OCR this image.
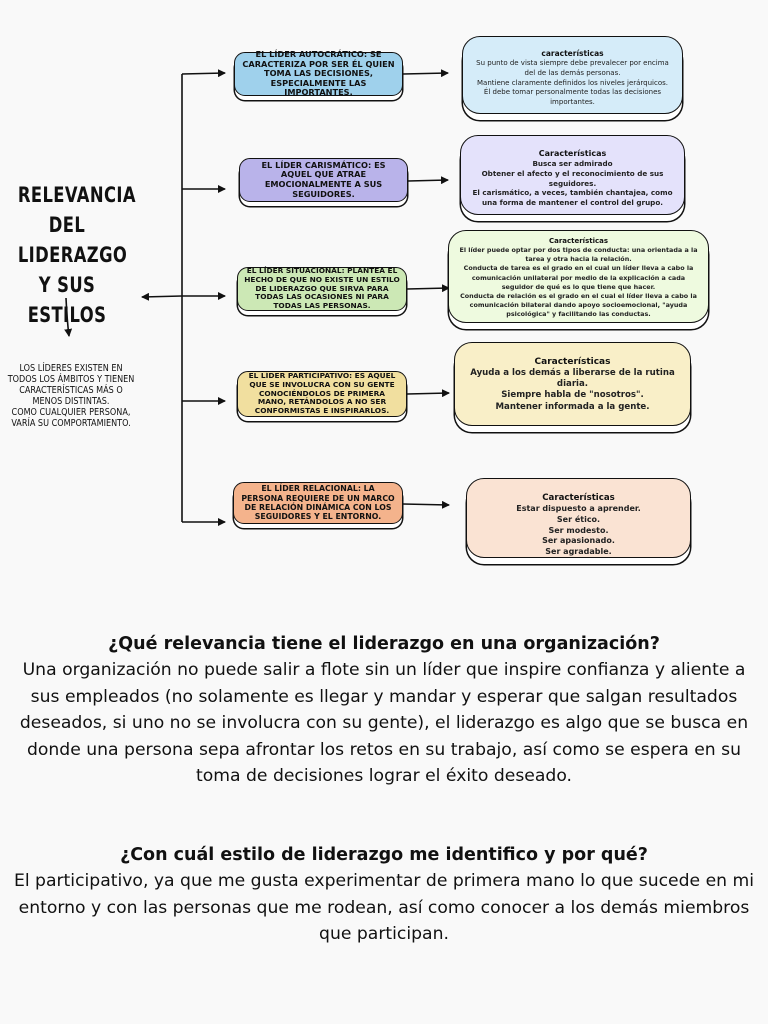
RELEVANCIA DEL LIDERAZGO Y SUS ESTILOS
LOS LÍDERES EXISTEN EN TODOS LOS ÁMBITOS Y TIENEN CARACTERÍSTICAS MÁS O MENOS DISTINTAS.
COMO CUALQUIER PERSONA, VARÍA SU COMPORTAMIENTO.
EL LÍDER AUTOCRÁTICO: SE CARACTERIZA POR SER ÉL QUIEN TOMA LAS DECISIONES, ESPECIALMENTE LAS IMPORTANTES.
EL LÍDER CARISMÁTICO: ES AQUEL QUE ATRAE EMOCIONALMENTE A SUS SEGUIDORES.
EL LÍDER SITUACIONAL: PLANTEA EL HECHO DE QUE NO EXISTE UN ESTILO DE LIDERAZGO QUE SIRVA PARA TODAS LAS OCASIONES NI PARA TODAS LAS PERSONAS.
EL LÍDER PARTICIPATIVO: ES AQUEL QUE SE INVOLUCRA CON SU GENTE CONOCIÉNDOLOS DE PRIMERA MANO, RETÁNDOLOS A NO SER CONFORMISTAS E INSPIRARLOS.
EL LÍDER RELACIONAL: LA PERSONA REQUIERE DE UN MARCO DE RELACIÓN DINÁMICA CON LOS SEGUIDORES Y EL ENTORNO.
características
Su punto de vista siempre debe prevalecer por encima del de las demás personas.
Mantiene claramente definidos los niveles jerárquicos.
Él debe tomar personalmente todas las decisiones importantes.
Características
Busca ser admirado
Obtener el afecto y el reconocimiento de sus seguidores.
El carismático, a veces, también chantajea, como una forma de mantener el control del grupo.
Características
El líder puede optar por dos tipos de conducta: una orientada a la tarea y otra hacia la relación.
Conducta de tarea es el grado en el cual un líder lleva a cabo la comunicación unilateral por medio de la explicación a cada seguidor de qué es lo que tiene que hacer.
Conducta de relación es el grado en el cual el líder lleva a cabo la comunicación bilateral dando apoyo socioemocional, "ayuda psicológica" y facilitando las conductas.
Características
Ayuda a los demás a liberarse de la rutina diaria.
Siempre habla de "nosotros".
Mantener informada a la gente.
Características
Estar dispuesto a aprender.
Ser ético.
Ser modesto.
Ser apasionado.
Ser agradable.
¿Qué relevancia tiene el liderazgo en una organización?

Una organización no puede salir a flote sin un líder que inspire confianza y aliente a sus empleados (no solamente es llegar y mandar y esperar que salgan resultados deseados, si uno no se involucra con su gente), el liderazgo es algo que se busca en donde una persona sepa afrontar los retos en su trabajo, así como se espera en su toma de decisiones lograr el éxito deseado.

¿Con cuál estilo de liderazgo me identifico y por qué?

El participativo, ya que me gusta experimentar de primera mano lo que sucede en mi entorno y con las personas que me rodean, así como conocer a los demás miembros que participan.
